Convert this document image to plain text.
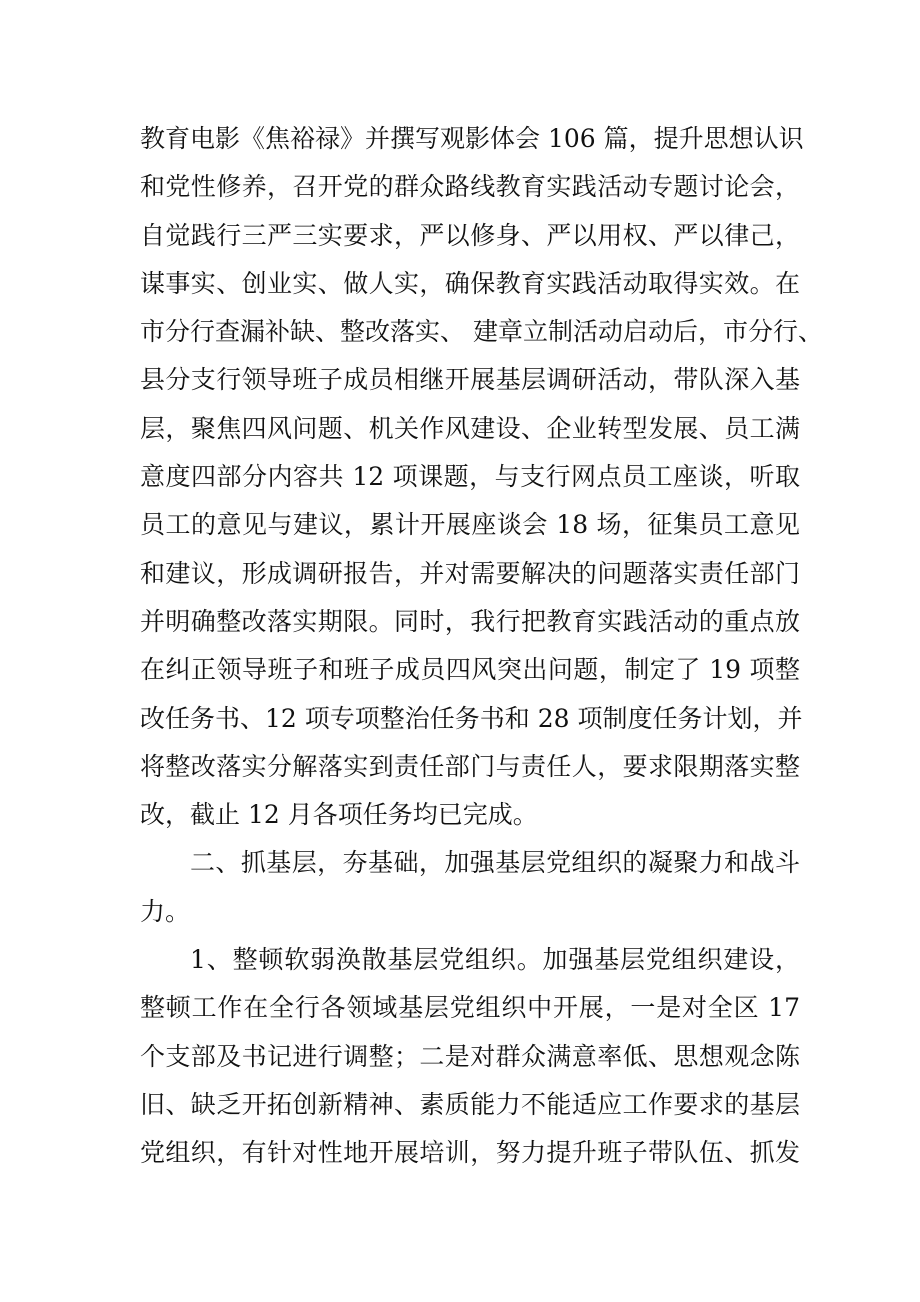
教育电影《焦裕禄》并撰写观影体会 106 篇，提升思想认识
和党性修养，召开党的群众路线教育实践活动专题讨论会，
自觉践行三严三实要求，严以修身、严以用权、严以律己，
谋事实、创业实、做人实，确保教育实践活动取得实效。在
市分行查漏补缺、整改落实、 建章立制活动启动后，市分行、
县分支行领导班子成员相继开展基层调研活动，带队深入基
层，聚焦四风问题、机关作风建设、企业转型发展、员工满
意度四部分内容共 12 项课题，与支行网点员工座谈，听取
员工的意见与建议，累计开展座谈会 18 场，征集员工意见
和建议，形成调研报告，并对需要解决的问题落实责任部门
并明确整改落实期限。同时，我行把教育实践活动的重点放
在纠正领导班子和班子成员四风突出问题，制定了 19 项整
改任务书、12 项专项整治任务书和 28 项制度任务计划，并
将整改落实分解落实到责任部门与责任人，要求限期落实整
改，截止 12 月各项任务均已完成。
二、抓基层，夯基础，加强基层党组织的凝聚力和战斗
力。
1、整顿软弱涣散基层党组织。加强基层党组织建设，
整顿工作在全行各领域基层党组织中开展，一是对全区 17
个支部及书记进行调整；二是对群众满意率低、思想观念陈
旧、缺乏开拓创新精神、素质能力不能适应工作要求的基层
党组织，有针对性地开展培训，努力提升班子带队伍、抓发
